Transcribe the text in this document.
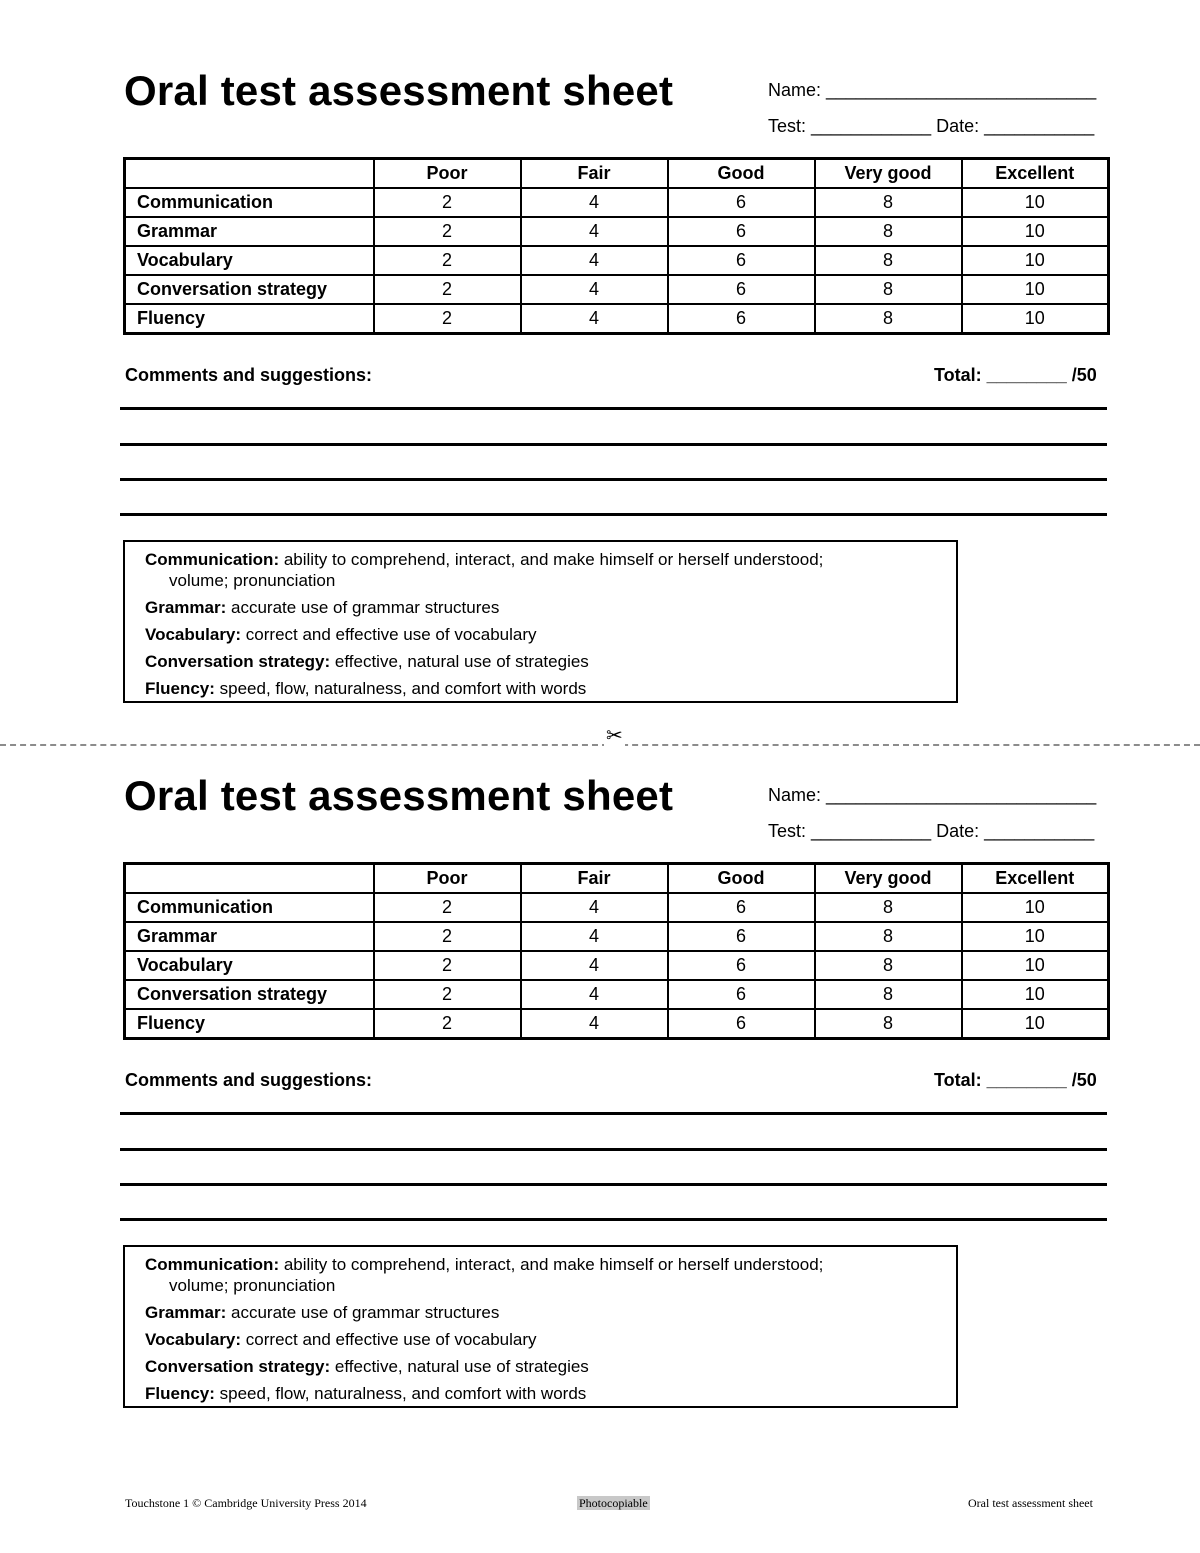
Oral test assessment sheet	Name: ___________________________
Test: ____________ Date: ___________
	Poor	Fair	Good	Very good	Excellent
Communication	2	4	6	8	10
Grammar	2	4	6	8	10
Vocabulary	2	4	6	8	10
Conversation strategy	2	4	6	8	10
Fluency	2	4	6	8	10
Comments and suggestions:	Total: ________ /50
Communication: ability to comprehend, interact, and make himself or herself understood;
volume; pronunciation
Grammar: accurate use of grammar structures
Vocabulary: correct and effective use of vocabulary
Conversation strategy: effective, natural use of strategies
Fluency: speed, flow, naturalness, and comfort with words
✂
Oral test assessment sheet	Name: ___________________________
Test: ____________ Date: ___________
	Poor	Fair	Good	Very good	Excellent
Communication	2	4	6	8	10
Grammar	2	4	6	8	10
Vocabulary	2	4	6	8	10
Conversation strategy	2	4	6	8	10
Fluency	2	4	6	8	10
Comments and suggestions:	Total: ________ /50
Communication: ability to comprehend, interact, and make himself or herself understood;
volume; pronunciation
Grammar: accurate use of grammar structures
Vocabulary: correct and effective use of vocabulary
Conversation strategy: effective, natural use of strategies
Fluency: speed, flow, naturalness, and comfort with words
Touchstone 1 © Cambridge University Press 2014	Photocopiable	Oral test assessment sheet
